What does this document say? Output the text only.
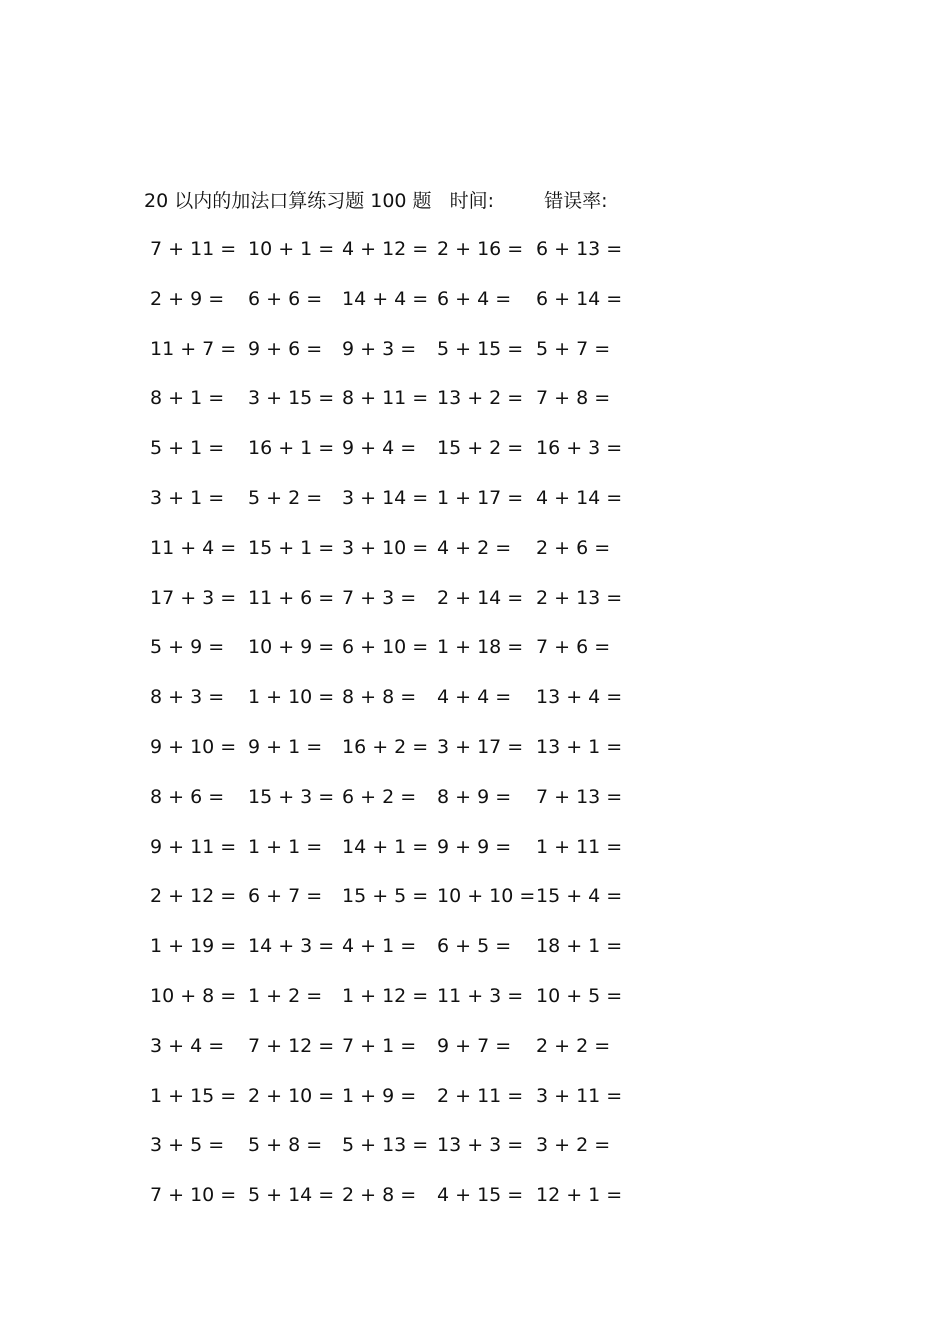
20 以内的加法口算练习题 100 题 时间:	错误率:
7 + 11 = 10 + 1 = 4 + 12 = 2 + 16 = 6 + 13 =
2 + 9 = 6 + 6 = 14 + 4 = 6 + 4 = 6 + 14 =
11 + 7 = 9 + 6 = 9 + 3 = 5 + 15 = 5 + 7 =
8 + 1 = 3 + 15 = 8 + 11 = 13 + 2 = 7 + 8 =
5 + 1 = 16 + 1 = 9 + 4 = 15 + 2 = 16 + 3 =
3 + 1 = 5 + 2 = 3 + 14 = 1 + 17 = 4 + 14 =
11 + 4 = 15 + 1 = 3 + 10 = 4 + 2 = 2 + 6 =
17 + 3 = 11 + 6 = 7 + 3 = 2 + 14 = 2 + 13 =
5 + 9 = 10 + 9 = 6 + 10 = 1 + 18 = 7 + 6 =
8 + 3 = 1 + 10 = 8 + 8 = 4 + 4 = 13 + 4 =
9 + 10 = 9 + 1 = 16 + 2 = 3 + 17 = 13 + 1 =
8 + 6 = 15 + 3 = 6 + 2 = 8 + 9 = 7 + 13 =
9 + 11 = 1 + 1 = 14 + 1 = 9 + 9 = 1 + 11 =
2 + 12 = 6 + 7 = 15 + 5 = 10 + 10 = 15 + 4 =
1 + 19 = 14 + 3 = 4 + 1 = 6 + 5 = 18 + 1 =
10 + 8 = 1 + 2 = 1 + 12 = 11 + 3 = 10 + 5 =
3 + 4 = 7 + 12 = 7 + 1 = 9 + 7 = 2 + 2 =
1 + 15 = 2 + 10 = 1 + 9 = 2 + 11 = 3 + 11 =
3 + 5 = 5 + 8 = 5 + 13 = 13 + 3 = 3 + 2 =
7 + 10 = 5 + 14 = 2 + 8 = 4 + 15 = 12 + 1 =
